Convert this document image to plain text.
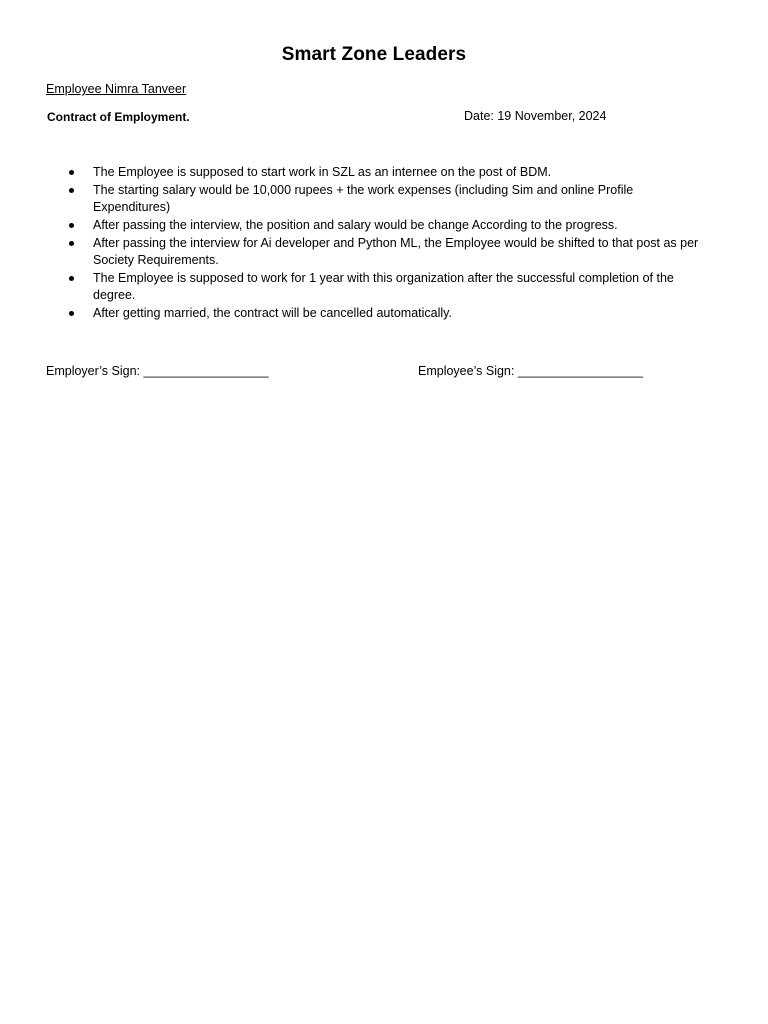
Smart Zone Leaders
Employee Nimra Tanveer
Contract of Employment.	Date: 19 November, 2024
The Employee is supposed to start work in SZL as an internee on the post of BDM.
The starting salary would be 10,000 rupees + the work expenses (including Sim and online Profile Expenditures)
After passing the interview, the position and salary would be change According to the progress.
After passing the interview for Ai developer and Python ML, the Employee would be shifted to that post as per Society Requirements.
The Employee is supposed to work for 1 year with this organization after the successful completion of the degree.
After getting married, the contract will be cancelled automatically.
Employer’s Sign: __________________	Employee’s Sign: __________________
